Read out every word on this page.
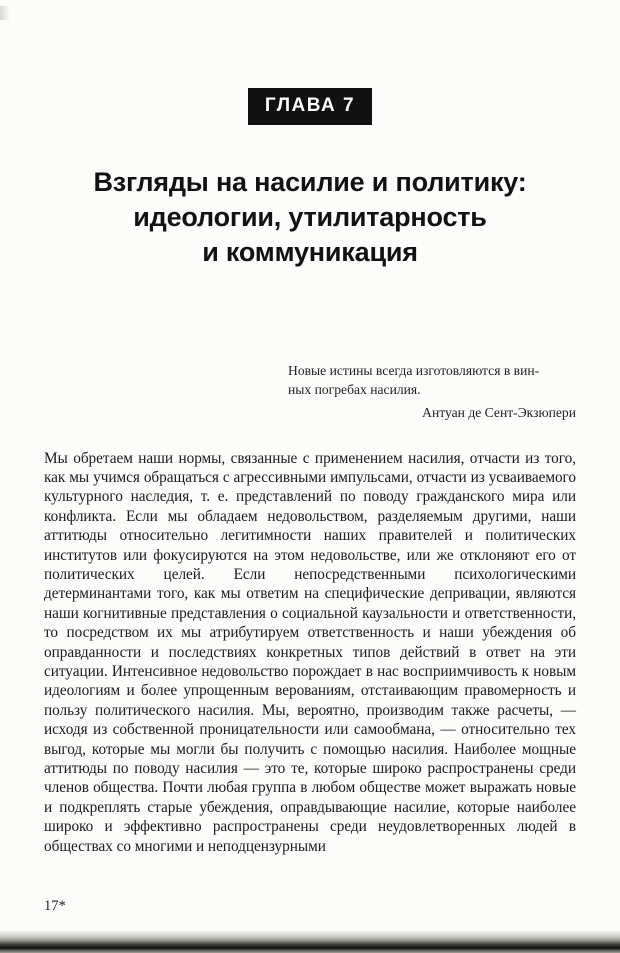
ГЛАВА 7
Взгляды на насилие и политику:
идеологии, утилитарность
и коммуникация
Новые истины всегда изготовляются в вин-
ных погребах насилия.

Антуан де Сент-Экзюпери

Мы обретаем наши нормы, связанные с применением насилия, отчасти из того, как мы учимся обращаться с агрессивными импульсами, отчасти из усваиваемого культурного наследия, т. е. представлений по поводу гражданского мира или конфликта. Если мы обладаем недовольством, разделяемым другими, наши аттитюды относительно легитимности наших правителей и политических институтов или фокусируются на этом недовольстве, или же отклоняют его от политических целей. Если непосредственными психологическими детерминантами того, как мы ответим на специфические депривации, являются наши когнитивные представления о социальной каузальности и ответственности, то посредством их мы атрибутируем ответственность и наши убеждения об оправданности и последствиях конкретных типов действий в ответ на эти ситуации. Интенсивное недовольство порождает в нас восприимчивость к новым идеологиям и более упрощенным верованиям, отстаивающим правомерность и пользу политического насилия. Мы, вероятно, производим также расчеты, — исходя из собственной проницательности или самообмана, — относительно тех выгод, которые мы могли бы получить с помощью насилия. Наиболее мощные аттитюды по поводу насилия — это те, которые широко распространены среди членов общества. Почти любая группа в любом обществе может выражать новые и подкреплять старые убеждения, оправдывающие насилие, которые наиболее широко и эффективно распространены среди неудовлетворенных людей в обществах со многими и неподцензурными

17*
